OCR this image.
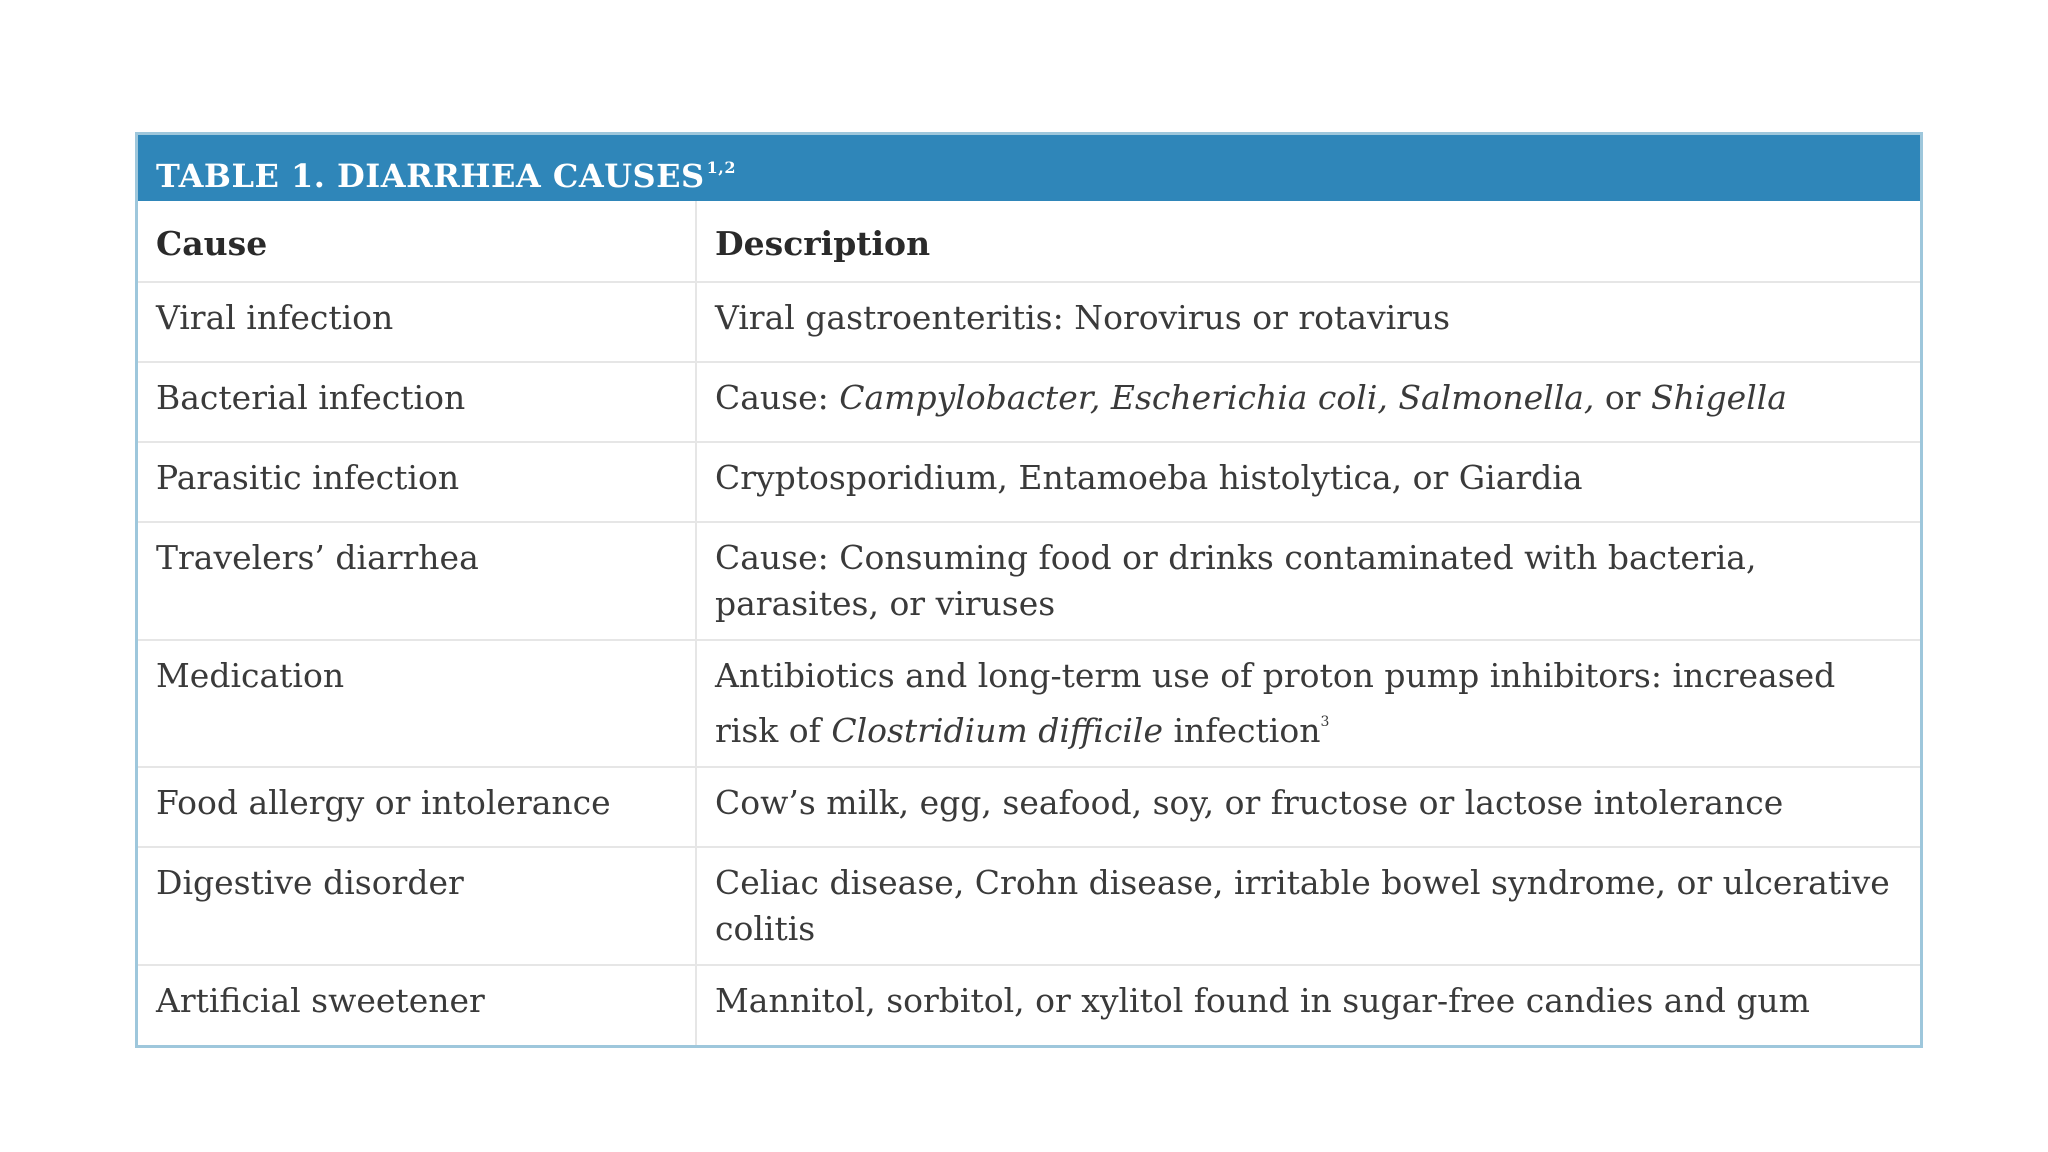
TABLE 1. DIARRHEA CAUSES $^{1,2}$
Cause	Description
Viral infection	Viral gastroenteritis: Norovirus or rotavirus
Bacterial infection	Cause: Campylobacter, Escherichia coli, Salmonella, or Shigella
Parasitic infection	Cryptosporidium, Entamoeba histolytica, or Giardia
Travelers’ diarrhea	Cause: Consuming food or drinks contaminated with bacteria, parasites, or viruses
Medication	Antibiotics and long-term use of proton pump inhibitors: increased risk of Clostridium difficile infection$^3$
Food allergy or intolerance	Cow’s milk, egg, seafood, soy, or fructose or lactose intolerance
Digestive disorder	Celiac disease, Crohn disease, irritable bowel syndrome, or ulcerative colitis
Artificial sweetener	Mannitol, sorbitol, or xylitol found in sugar-free candies and gum
